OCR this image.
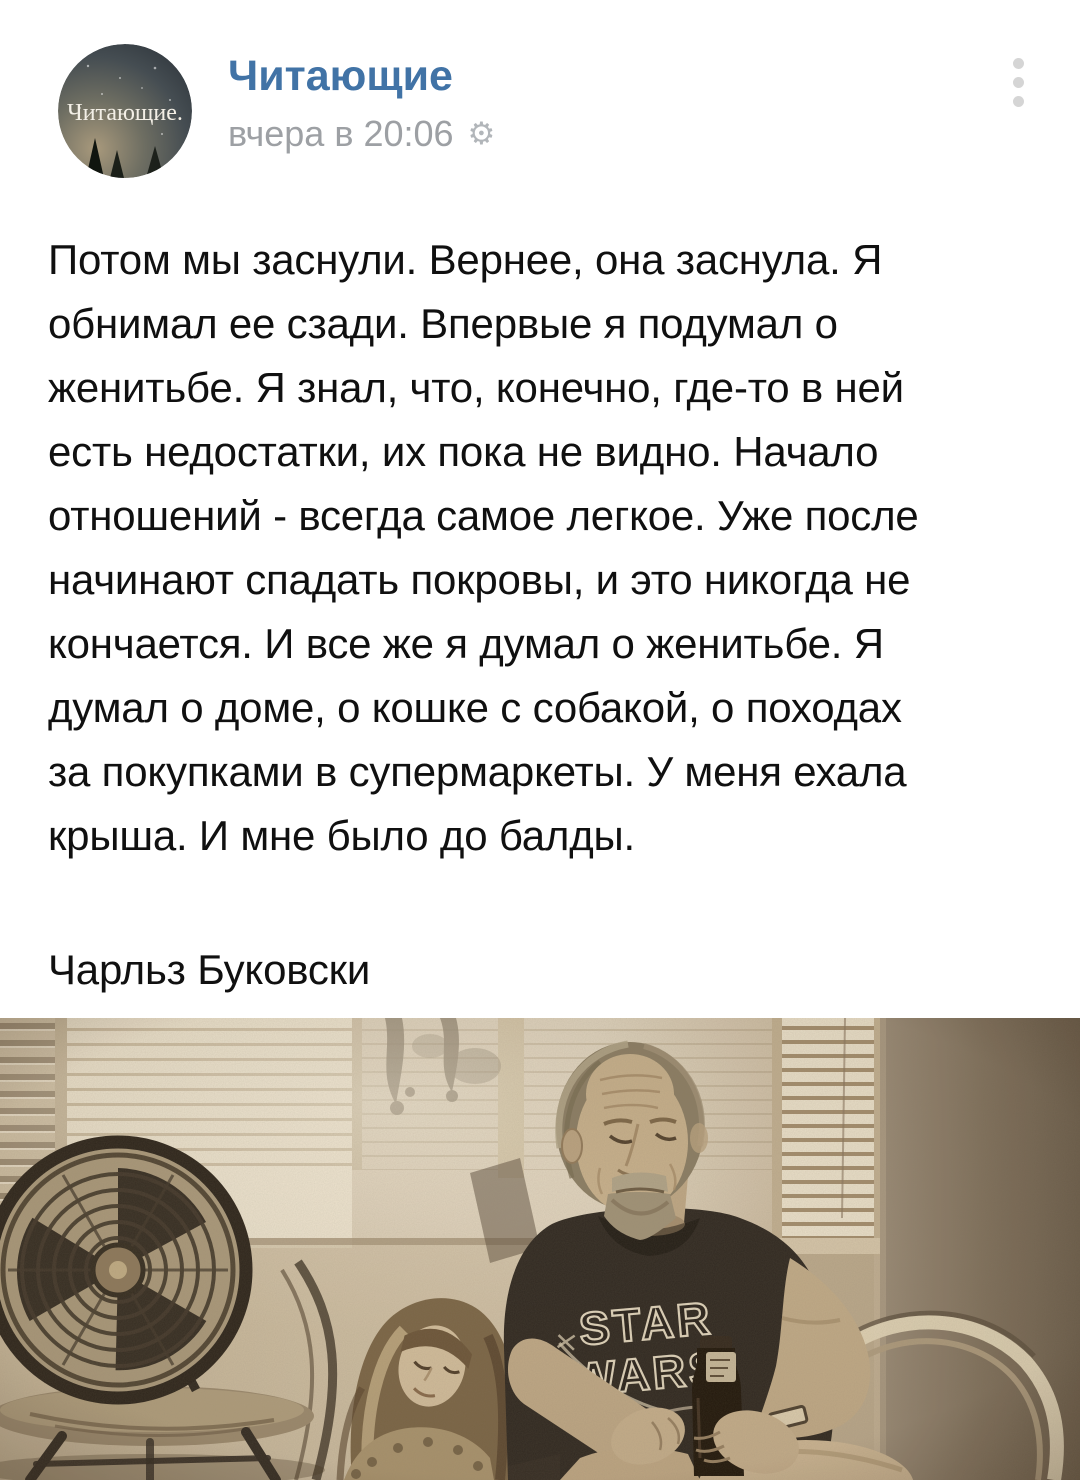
Читающие.
Читающие
вчера в 20:06 ⚙
Потом мы заснули. Вернее, она заснула. Я
обнимал ее сзади. Впервые я подумал о
женитьбе. Я знал, что, конечно, где-то в ней
есть недостатки, их пока не видно. Начало
отношений - всегда самое легкое. Уже после
начинают спадать покровы, и это никогда не
кончается. И все же я думал о женитьбе. Я
думал о доме, о кошке с собакой, о походах
за покупками в супермаркеты. У меня ехала
крыша. И мне было до балды.
Чарльз Буковски
